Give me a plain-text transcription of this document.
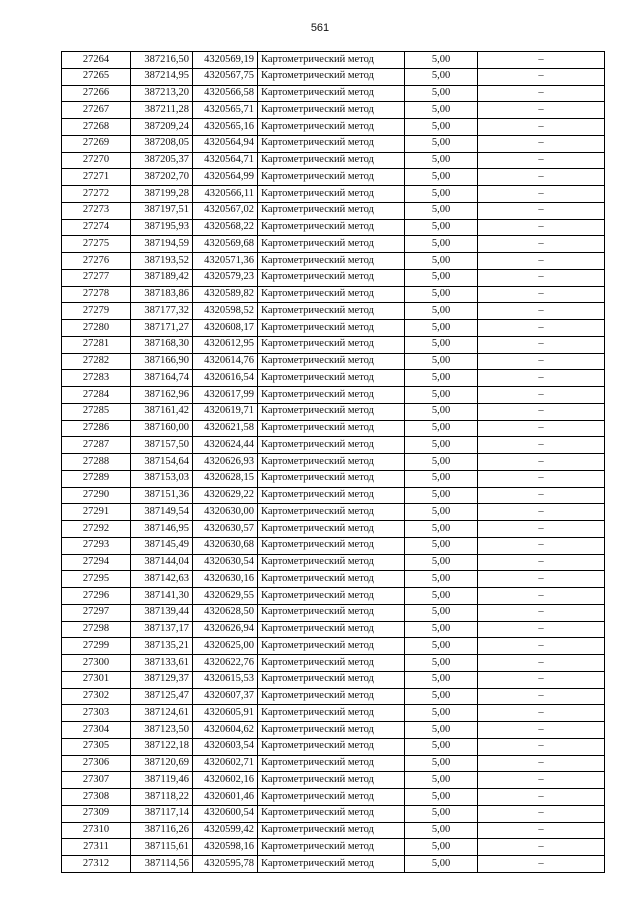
561
27264	387216,50	4320569,19	Картометрический метод	5,00	–
27265	387214,95	4320567,75	Картометрический метод	5,00	–
27266	387213,20	4320566,58	Картометрический метод	5,00	–
27267	387211,28	4320565,71	Картометрический метод	5,00	–
27268	387209,24	4320565,16	Картометрический метод	5,00	–
27269	387208,05	4320564,94	Картометрический метод	5,00	–
27270	387205,37	4320564,71	Картометрический метод	5,00	–
27271	387202,70	4320564,99	Картометрический метод	5,00	–
27272	387199,28	4320566,11	Картометрический метод	5,00	–
27273	387197,51	4320567,02	Картометрический метод	5,00	–
27274	387195,93	4320568,22	Картометрический метод	5,00	–
27275	387194,59	4320569,68	Картометрический метод	5,00	–
27276	387193,52	4320571,36	Картометрический метод	5,00	–
27277	387189,42	4320579,23	Картометрический метод	5,00	–
27278	387183,86	4320589,82	Картометрический метод	5,00	–
27279	387177,32	4320598,52	Картометрический метод	5,00	–
27280	387171,27	4320608,17	Картометрический метод	5,00	–
27281	387168,30	4320612,95	Картометрический метод	5,00	–
27282	387166,90	4320614,76	Картометрический метод	5,00	–
27283	387164,74	4320616,54	Картометрический метод	5,00	–
27284	387162,96	4320617,99	Картометрический метод	5,00	–
27285	387161,42	4320619,71	Картометрический метод	5,00	–
27286	387160,00	4320621,58	Картометрический метод	5,00	–
27287	387157,50	4320624,44	Картометрический метод	5,00	–
27288	387154,64	4320626,93	Картометрический метод	5,00	–
27289	387153,03	4320628,15	Картометрический метод	5,00	–
27290	387151,36	4320629,22	Картометрический метод	5,00	–
27291	387149,54	4320630,00	Картометрический метод	5,00	–
27292	387146,95	4320630,57	Картометрический метод	5,00	–
27293	387145,49	4320630,68	Картометрический метод	5,00	–
27294	387144,04	4320630,54	Картометрический метод	5,00	–
27295	387142,63	4320630,16	Картометрический метод	5,00	–
27296	387141,30	4320629,55	Картометрический метод	5,00	–
27297	387139,44	4320628,50	Картометрический метод	5,00	–
27298	387137,17	4320626,94	Картометрический метод	5,00	–
27299	387135,21	4320625,00	Картометрический метод	5,00	–
27300	387133,61	4320622,76	Картометрический метод	5,00	–
27301	387129,37	4320615,53	Картометрический метод	5,00	–
27302	387125,47	4320607,37	Картометрический метод	5,00	–
27303	387124,61	4320605,91	Картометрический метод	5,00	–
27304	387123,50	4320604,62	Картометрический метод	5,00	–
27305	387122,18	4320603,54	Картометрический метод	5,00	–
27306	387120,69	4320602,71	Картометрический метод	5,00	–
27307	387119,46	4320602,16	Картометрический метод	5,00	–
27308	387118,22	4320601,46	Картометрический метод	5,00	–
27309	387117,14	4320600,54	Картометрический метод	5,00	–
27310	387116,26	4320599,42	Картометрический метод	5,00	–
27311	387115,61	4320598,16	Картометрический метод	5,00	–
27312	387114,56	4320595,78	Картометрический метод	5,00	–
